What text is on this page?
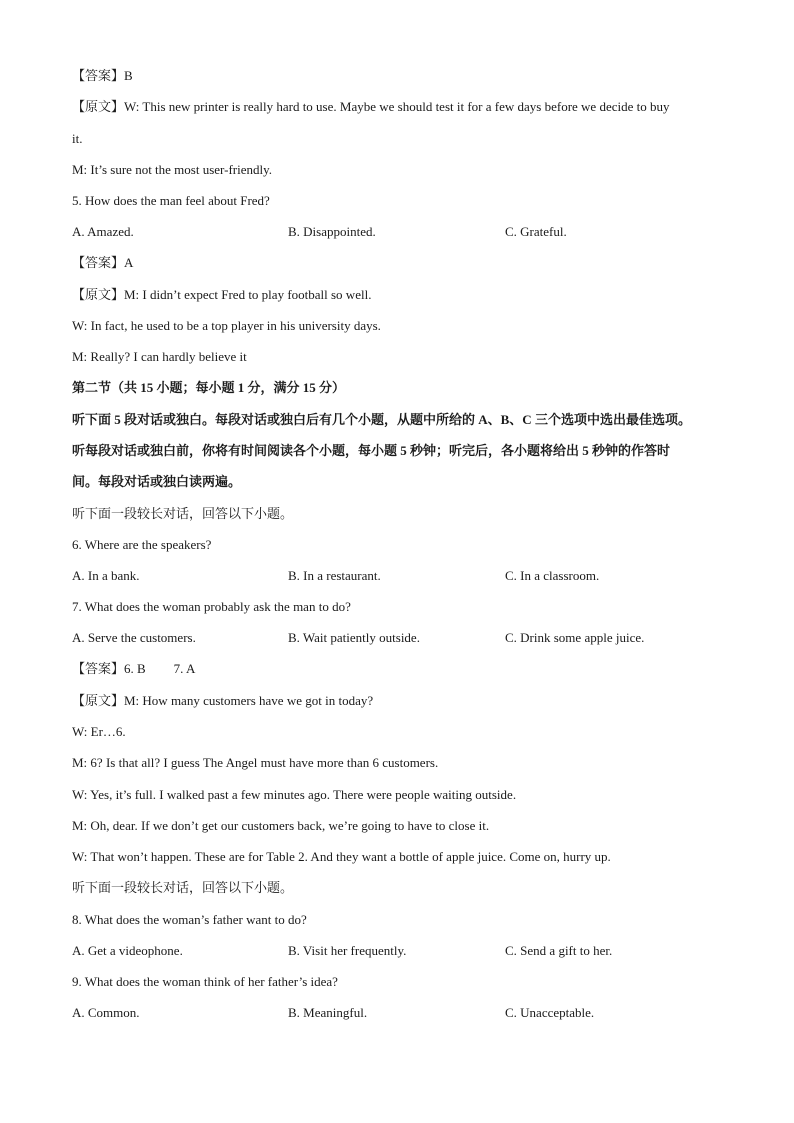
【答案】B
【原文】W: This new printer is really hard to use. Maybe we should test it for a few days before we decide to buy
it.
M: It’s sure not the most user-friendly.
5. How does the man feel about Fred?
A. Amazed.	B. Disappointed.	C. Grateful.
【答案】A
【原文】M: I didn’t expect Fred to play football so well.
W: In fact, he used to be a top player in his university days.
M: Really? I can hardly believe it
第二节（共 15 小题；每小题 1 分，满分 15 分）
听下面 5 段对话或独白。每段对话或独白后有几个小题，从题中所给的 A、B、C 三个选项中选出最佳选项。
听每段对话或独白前，你将有时间阅读各个小题，每小题 5 秒钟；听完后，各小题将给出 5 秒钟的作答时
间。每段对话或独白读两遍。
听下面一段较长对话，回答以下小题。
6. Where are the speakers?
A. In a bank.	B. In a restaurant.	C. In a classroom.
7. What does the woman probably ask the man to do?
A. Serve the customers.	B. Wait patiently outside.	C. Drink some apple juice.
【答案】6. B 7. A
【原文】M: How many customers have we got in today?
W: Er…6.
M: 6? Is that all? I guess The Angel must have more than 6 customers.
W: Yes, it’s full. I walked past a few minutes ago. There were people waiting outside.
M: Oh, dear. If we don’t get our customers back, we’re going to have to close it.
W: That won’t happen. These are for Table 2. And they want a bottle of apple juice. Come on, hurry up.
听下面一段较长对话，回答以下小题。
8. What does the woman’s father want to do?
A. Get a videophone.	B. Visit her frequently.	C. Send a gift to her.
9. What does the woman think of her father’s idea?
A. Common.	B. Meaningful.	C. Unacceptable.
